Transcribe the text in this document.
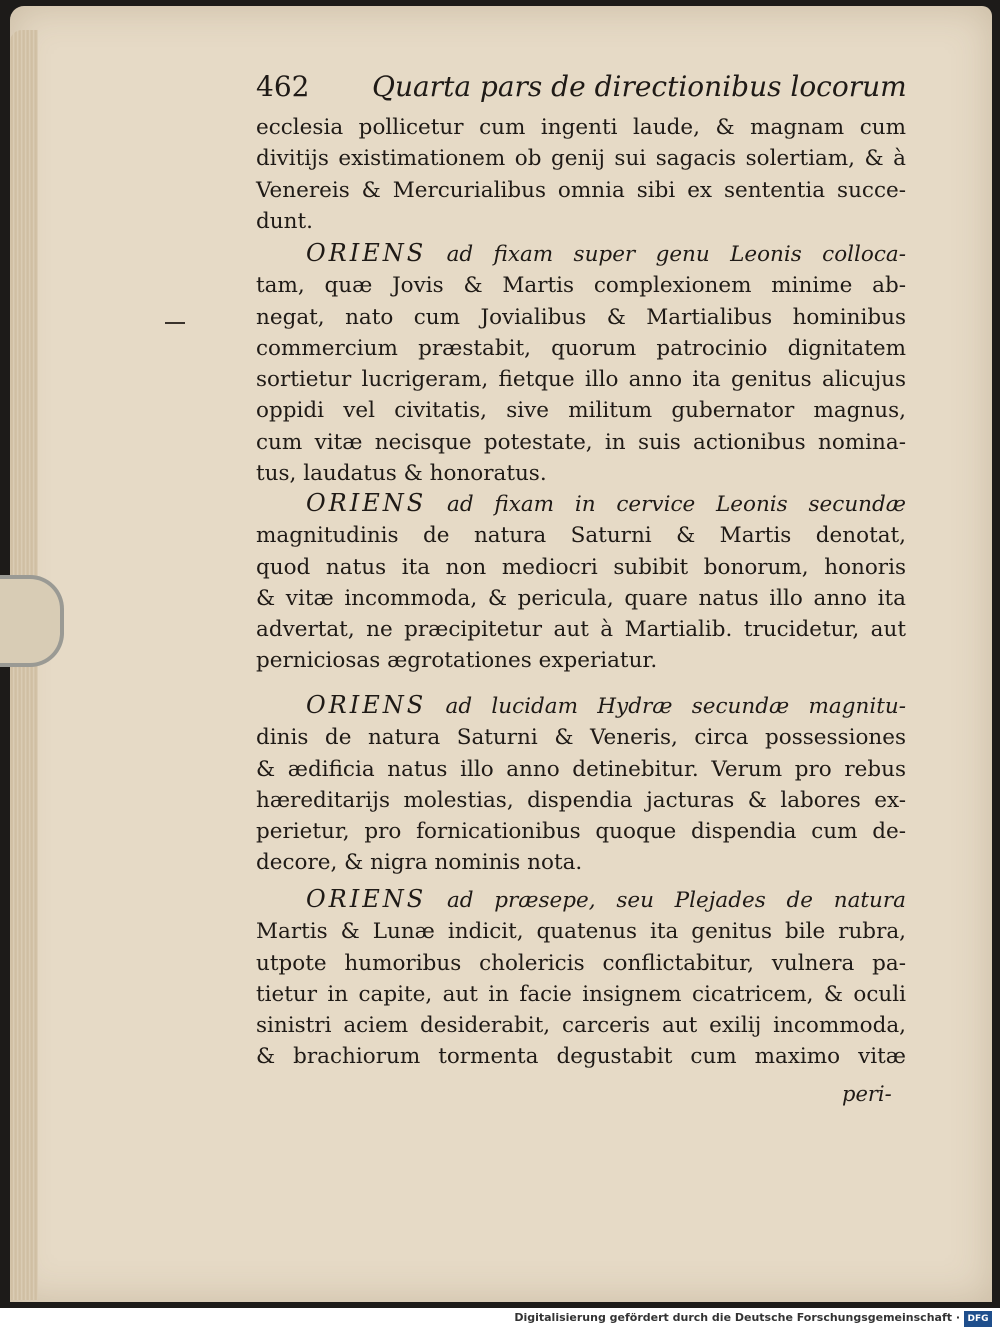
462 Quarta pars de directionibus locorum
ecclesia pollicetur cum ingenti laude, & magnam cum
divitijs existimationem ob genij sui sagacis solertiam, & à
Venereis & Mercurialibus omnia sibi ex sententia succe-
dunt.
ORIENS ad fixam super genu Leonis colloca-
tam, quæ Jovis & Martis complexionem minime ab-
negat, nato cum Jovialibus & Martialibus hominibus
commercium præstabit, quorum patrocinio dignitatem
sortietur lucrigeram, fietque illo anno ita genitus alicujus
oppidi vel civitatis, sive militum gubernator magnus,
cum vitæ necisque potestate, in suis actionibus nomina-
tus, laudatus & honoratus.
ORIENS ad fixam in cervice Leonis secundæ
magnitudinis de natura Saturni & Martis denotat,
quod natus ita non mediocri subibit bonorum, honoris
& vitæ incommoda, & pericula, quare natus illo anno ita
advertat, ne præcipitetur aut à Martialib. trucidetur, aut
perniciosas ægrotationes experiatur.
ORIENS ad lucidam Hydræ secundæ magnitu-
dinis de natura Saturni & Veneris, circa possessiones
& ædificia natus illo anno detinebitur. Verum pro rebus
hæreditarijs molestias, dispendia jacturas & labores ex-
perietur, pro fornicationibus quoque dispendia cum de-
decore, & nigra nominis nota.
ORIENS ad præsepe, seu Plejades de natura
Martis & Lunæ indicit, quatenus ita genitus bile rubra,
utpote humoribus cholericis conflictabitur, vulnera pa-
tietur in capite, aut in facie insignem cicatricem, & oculi
sinistri aciem desiderabit, carceris aut exilij incommoda,
& brachiorum tormenta degustabit cum maximo vitæ
peri-
Digitalisierung gefördert durch die Deutsche Forschungsgemeinschaft · DFG
